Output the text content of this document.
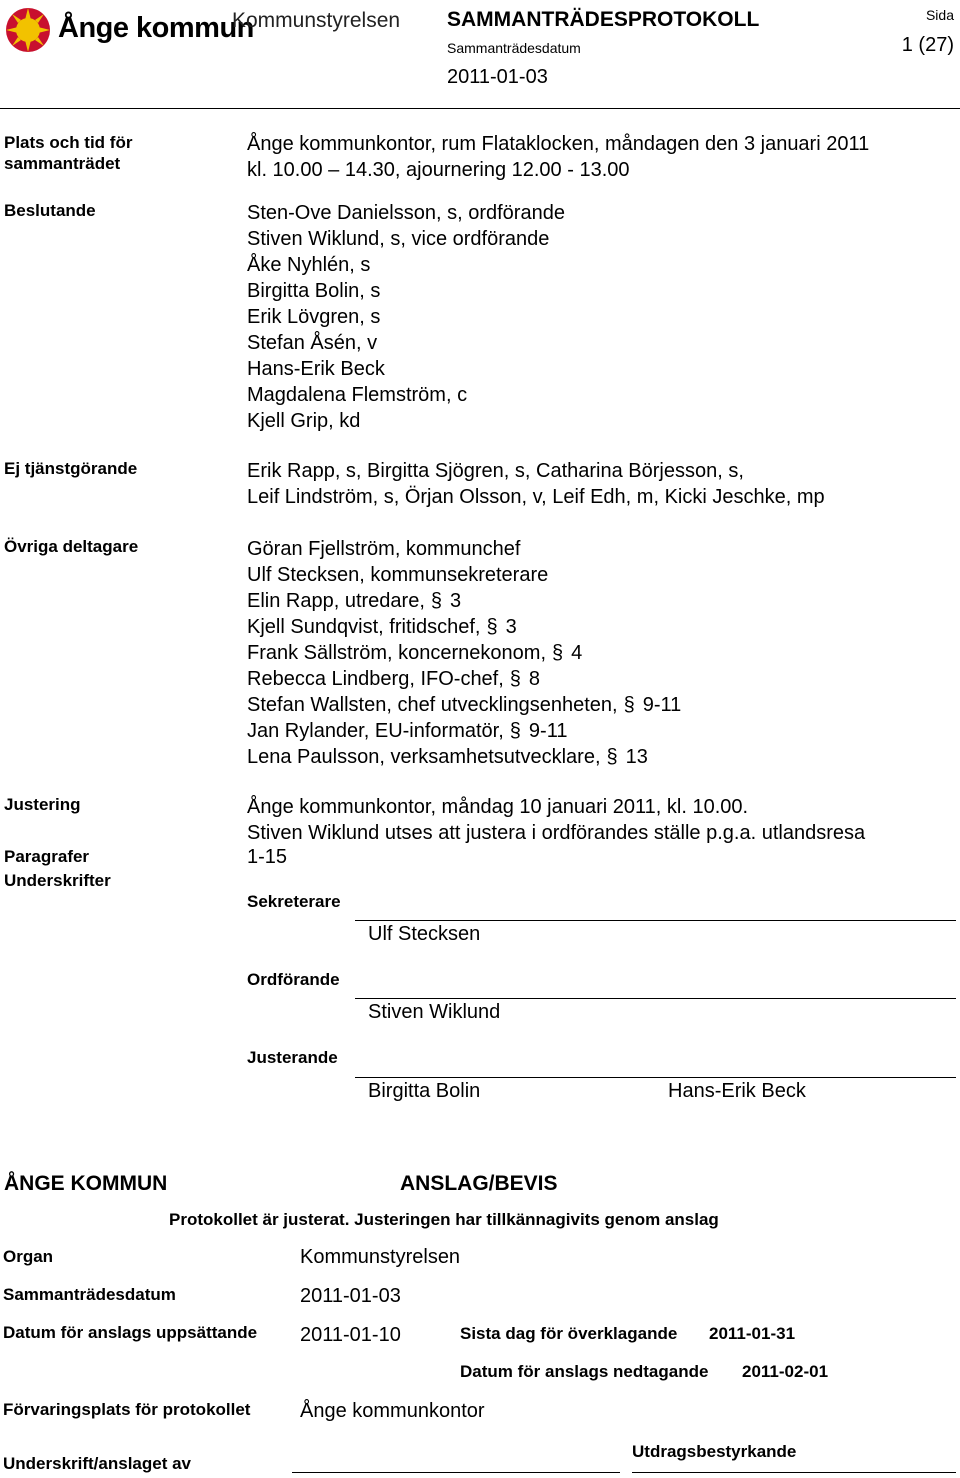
Ånge kommun
Kommunstyrelsen SAMMANTRÄDESPROTOKOLL
Sammanträdesdatum
2011-01-03
Sida
1 (27)
Plats och tid för
sammanträdet
Ånge kommunkontor, rum Flataklocken, måndagen den 3 januari 2011
kl. 10.00 – 14.30, ajournering 12.00 - 13.00
Beslutande	Sten-Ove Danielsson, s, ordförande
Stiven Wiklund, s, vice ordförande
Åke Nyhlén, s
Birgitta Bolin, s
Erik Lövgren, s
Stefan Åsén, v
Hans-Erik Beck
Magdalena Flemström, c
Kjell Grip, kd
Ej tjänstgörande	Erik Rapp, s, Birgitta Sjögren, s, Catharina Börjesson, s,
Leif Lindström, s, Örjan Olsson, v, Leif Edh, m, Kicki Jeschke, mp
Övriga deltagare	Göran Fjellström, kommunchef
Ulf Stecksen, kommunsekreterare
Elin Rapp, utredare, § 3
Kjell Sundqvist, fritidschef, § 3
Frank Sällström, koncernekonom, § 4
Rebecca Lindberg, IFO-chef, § 8
Stefan Wallsten, chef utvecklingsenheten, § 9-11
Jan Rylander, EU-informatör, § 9-11
Lena Paulsson, verksamhetsutvecklare, § 13
Justering	Ånge kommunkontor, måndag 10 januari 2011, kl. 10.00.
Stiven Wiklund utses att justera i ordförandes ställe p.g.a. utlandsresa
Paragrafer	1-15
Underskrifter
Sekreterare
Ulf Stecksen
Ordförande
Stiven Wiklund
Justerande
Birgitta Bolin	Hans-Erik Beck
ÅNGE KOMMUN	ANSLAG/BEVIS
Protokollet är justerat. Justeringen har tillkännagivits genom anslag
Organ	Kommunstyrelsen
Sammanträdesdatum	2011-01-03
Datum för anslags uppsättande 2011-01-10	Sista dag för överklagande 2011-01-31
Datum för anslags nedtagande 2011-02-01
Förvaringsplats för protokollet Ånge kommunkontor
Underskrift/anslaget av
Utdragsbestyrkande
